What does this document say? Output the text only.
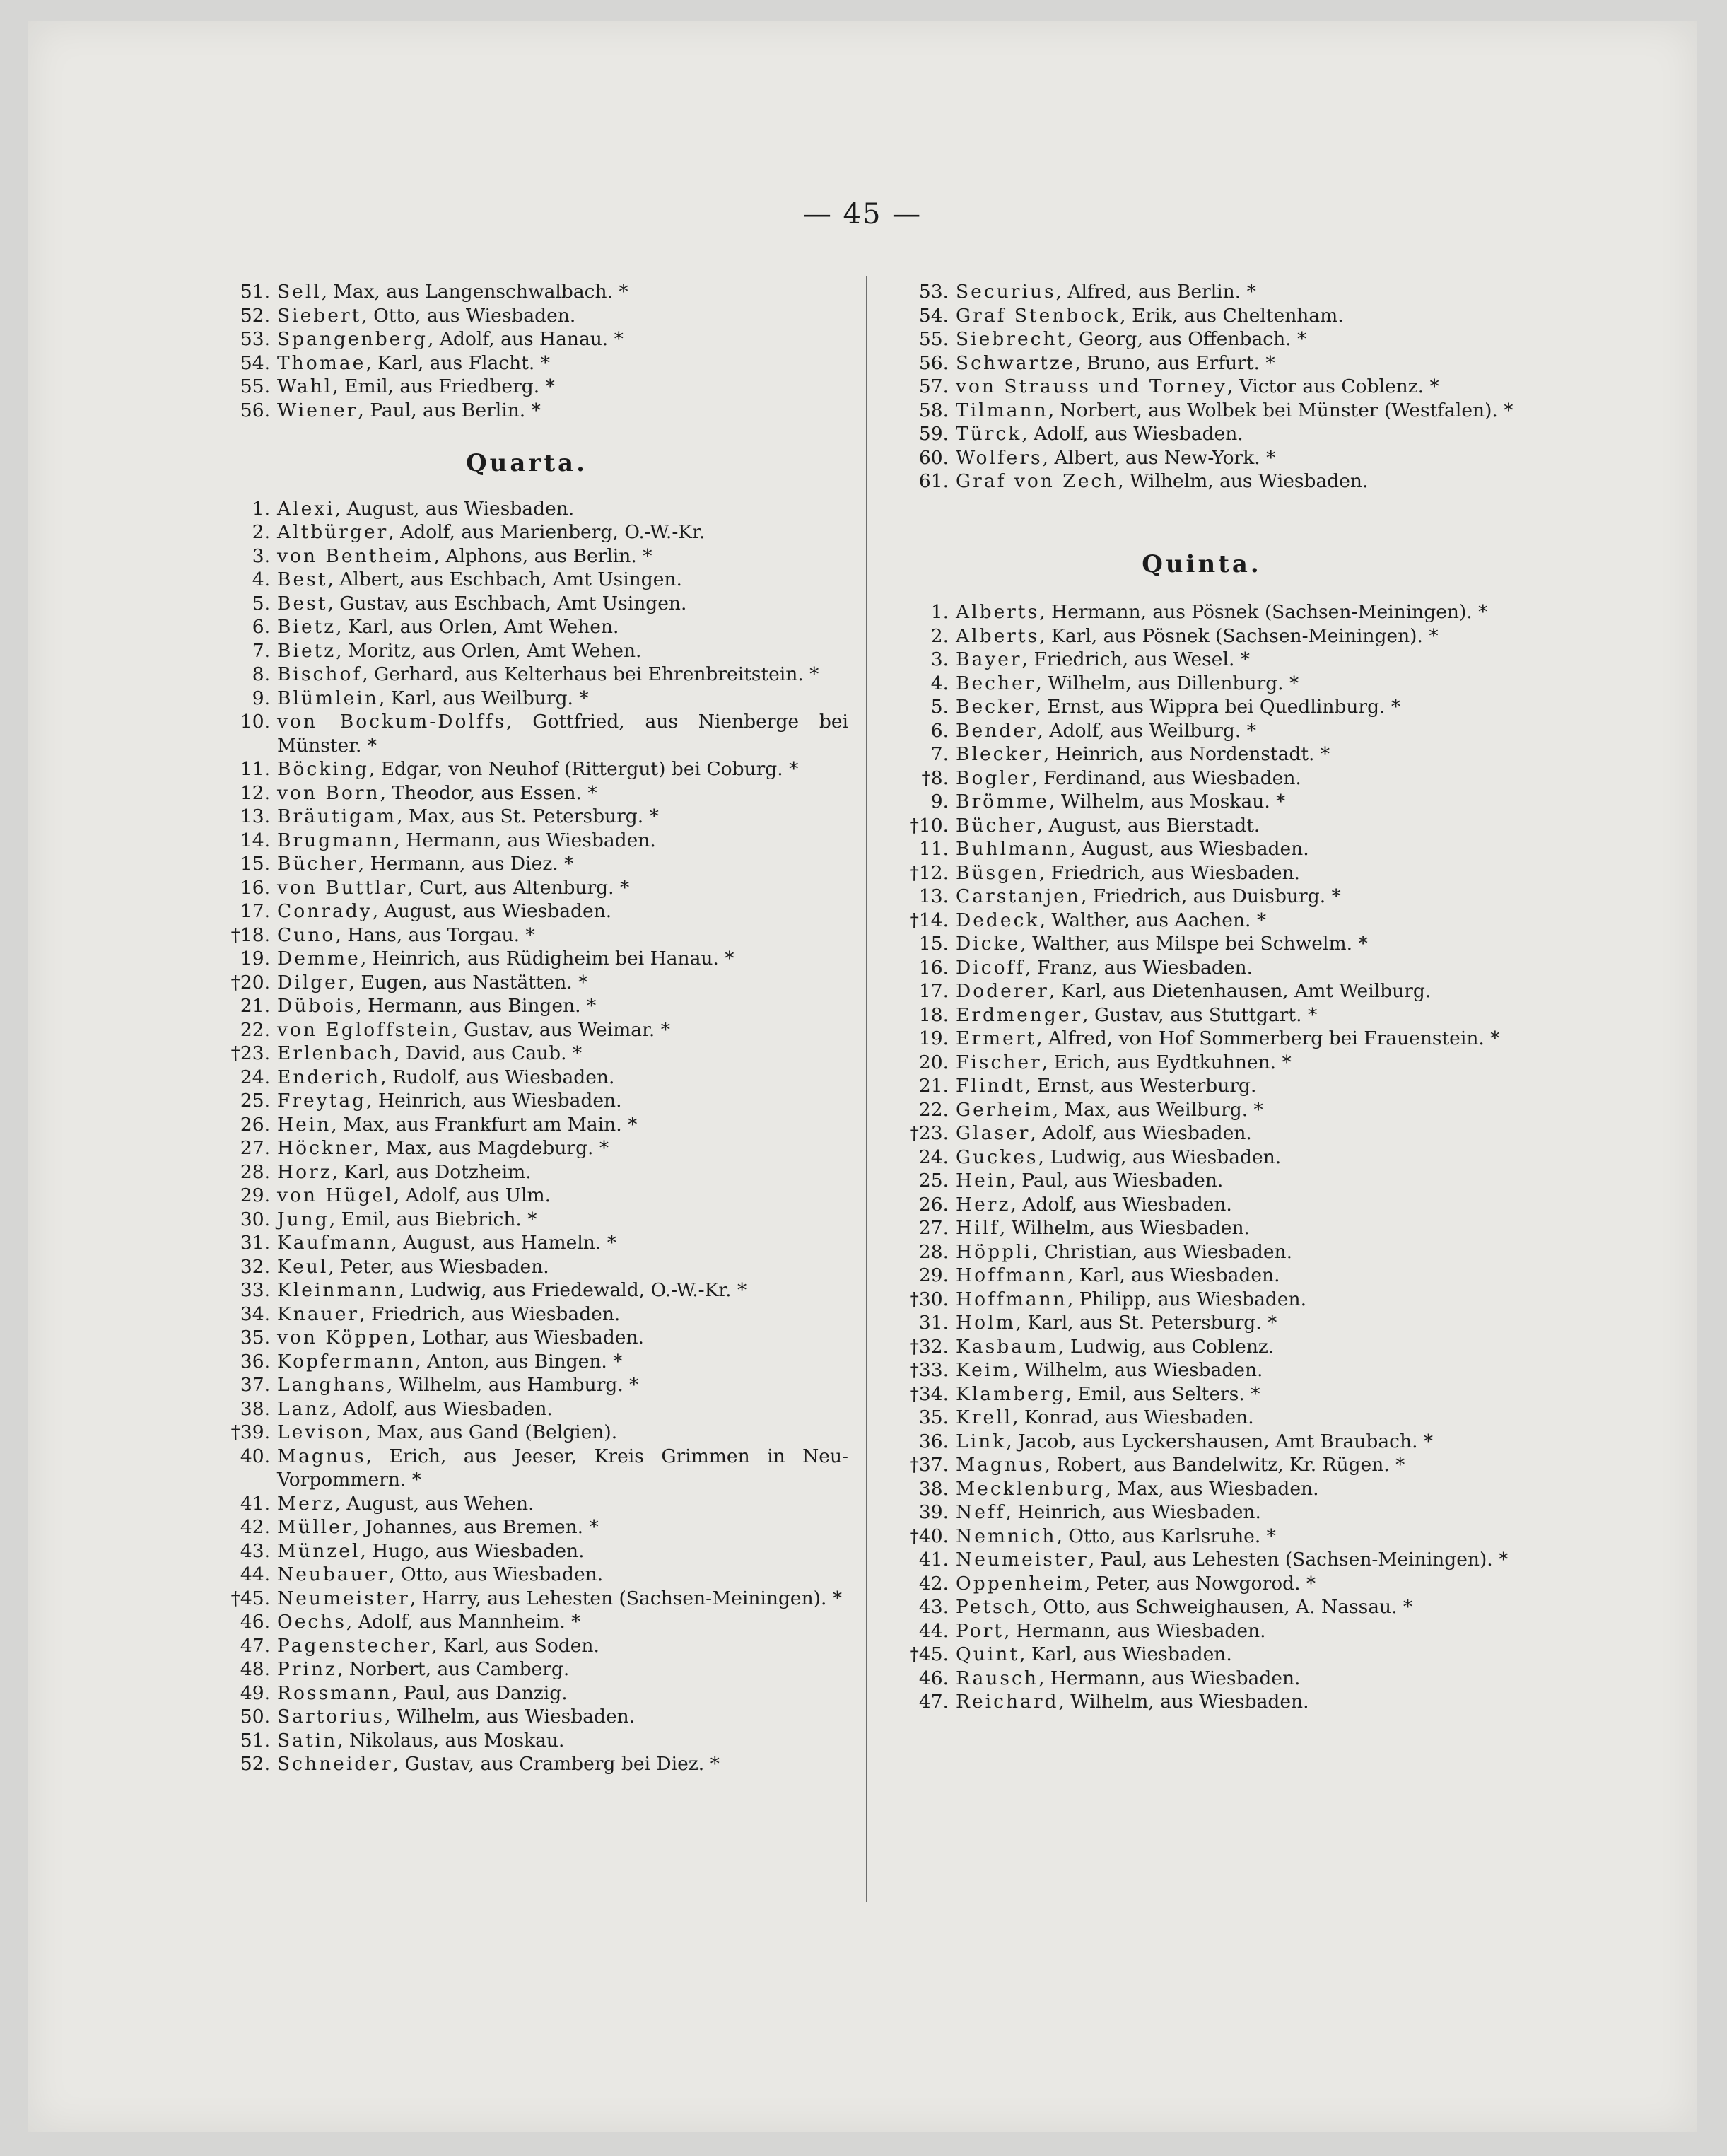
— 45 —
51. Sell, Max, aus Langenschwalbach. *
52. Siebert, Otto, aus Wiesbaden.
53. Spangenberg, Adolf, aus Hanau. *
54. Thomae, Karl, aus Flacht. *
55. Wahl, Emil, aus Friedberg. *
56. Wiener, Paul, aus Berlin. *
Quarta.
1. Alexi, August, aus Wiesbaden.
2. Altbürger, Adolf, aus Marienberg, O.-W.-Kr.
3. von Bentheim, Alphons, aus Berlin. *
4. Best, Albert, aus Eschbach, Amt Usingen.
5. Best, Gustav, aus Eschbach, Amt Usingen.
6. Bietz, Karl, aus Orlen, Amt Wehen.
7. Bietz, Moritz, aus Orlen, Amt Wehen.
8. Bischof, Gerhard, aus Kelterhaus bei Ehrenbreitstein. *
9. Blümlein, Karl, aus Weilburg. *
10. von Bockum-Dolffs, Gottfried, aus Nienberge bei Münster. *
11. Böcking, Edgar, von Neuhof (Rittergut) bei Coburg. *
12. von Born, Theodor, aus Essen. *
13. Bräutigam, Max, aus St. Petersburg. *
14. Brugmann, Hermann, aus Wiesbaden.
15. Bücher, Hermann, aus Diez. *
16. von Buttlar, Curt, aus Altenburg. *
17. Conrady, August, aus Wiesbaden.
†18. Cuno, Hans, aus Torgau. *
19. Demme, Heinrich, aus Rüdigheim bei Hanau. *
†20. Dilger, Eugen, aus Nastätten. *
21. Dübois, Hermann, aus Bingen. *
22. von Egloffstein, Gustav, aus Weimar. *
†23. Erlenbach, David, aus Caub. *
24. Enderich, Rudolf, aus Wiesbaden.
25. Freytag, Heinrich, aus Wiesbaden.
26. Hein, Max, aus Frankfurt am Main. *
27. Höckner, Max, aus Magdeburg. *
28. Horz, Karl, aus Dotzheim.
29. von Hügel, Adolf, aus Ulm.
30. Jung, Emil, aus Biebrich. *
31. Kaufmann, August, aus Hameln. *
32. Keul, Peter, aus Wiesbaden.
33. Kleinmann, Ludwig, aus Friedewald, O.-W.-Kr. *
34. Knauer, Friedrich, aus Wiesbaden.
35. von Köppen, Lothar, aus Wiesbaden.
36. Kopfermann, Anton, aus Bingen. *
37. Langhans, Wilhelm, aus Hamburg. *
38. Lanz, Adolf, aus Wiesbaden.
†39. Levison, Max, aus Gand (Belgien).
40. Magnus, Erich, aus Jeeser, Kreis Grimmen in Neu-Vorpommern. *
41. Merz, August, aus Wehen.
42. Müller, Johannes, aus Bremen. *
43. Münzel, Hugo, aus Wiesbaden.
44. Neubauer, Otto, aus Wiesbaden.
†45. Neumeister, Harry, aus Lehesten (Sachsen-Meiningen). *
46. Oechs, Adolf, aus Mannheim. *
47. Pagenstecher, Karl, aus Soden.
48. Prinz, Norbert, aus Camberg.
49. Rossmann, Paul, aus Danzig.
50. Sartorius, Wilhelm, aus Wiesbaden.
51. Satin, Nikolaus, aus Moskau.
52. Schneider, Gustav, aus Cramberg bei Diez. *
53. Securius, Alfred, aus Berlin. *
54. Graf Stenbock, Erik, aus Cheltenham.
55. Siebrecht, Georg, aus Offenbach. *
56. Schwartze, Bruno, aus Erfurt. *
57. von Strauss und Torney, Victor aus Coblenz. *
58. Tilmann, Norbert, aus Wolbek bei Münster (Westfalen). *
59. Türck, Adolf, aus Wiesbaden.
60. Wolfers, Albert, aus New-York. *
61. Graf von Zech, Wilhelm, aus Wiesbaden.
Quinta.
1. Alberts, Hermann, aus Pösnek (Sachsen-Meiningen). *
2. Alberts, Karl, aus Pösnek (Sachsen-Meiningen). *
3. Bayer, Friedrich, aus Wesel. *
4. Becher, Wilhelm, aus Dillenburg. *
5. Becker, Ernst, aus Wippra bei Quedlinburg. *
6. Bender, Adolf, aus Weilburg. *
7. Blecker, Heinrich, aus Nordenstadt. *
†8. Bogler, Ferdinand, aus Wiesbaden.
9. Brömme, Wilhelm, aus Moskau. *
†10. Bücher, August, aus Bierstadt.
11. Buhlmann, August, aus Wiesbaden.
†12. Büsgen, Friedrich, aus Wiesbaden.
13. Carstanjen, Friedrich, aus Duisburg. *
†14. Dedeck, Walther, aus Aachen. *
15. Dicke, Walther, aus Milspe bei Schwelm. *
16. Dicoff, Franz, aus Wiesbaden.
17. Doderer, Karl, aus Dietenhausen, Amt Weilburg.
18. Erdmenger, Gustav, aus Stuttgart. *
19. Ermert, Alfred, von Hof Sommerberg bei Frauenstein. *
20. Fischer, Erich, aus Eydtkuhnen. *
21. Flindt, Ernst, aus Westerburg.
22. Gerheim, Max, aus Weilburg. *
†23. Glaser, Adolf, aus Wiesbaden.
24. Guckes, Ludwig, aus Wiesbaden.
25. Hein, Paul, aus Wiesbaden.
26. Herz, Adolf, aus Wiesbaden.
27. Hilf, Wilhelm, aus Wiesbaden.
28. Höppli, Christian, aus Wiesbaden.
29. Hoffmann, Karl, aus Wiesbaden.
†30. Hoffmann, Philipp, aus Wiesbaden.
31. Holm, Karl, aus St. Petersburg. *
†32. Kasbaum, Ludwig, aus Coblenz.
†33. Keim, Wilhelm, aus Wiesbaden.
†34. Klamberg, Emil, aus Selters. *
35. Krell, Konrad, aus Wiesbaden.
36. Link, Jacob, aus Lyckershausen, Amt Braubach. *
†37. Magnus, Robert, aus Bandelwitz, Kr. Rügen. *
38. Mecklenburg, Max, aus Wiesbaden.
39. Neff, Heinrich, aus Wiesbaden.
†40. Nemnich, Otto, aus Karlsruhe. *
41. Neumeister, Paul, aus Lehesten (Sachsen-Meiningen). *
42. Oppenheim, Peter, aus Nowgorod. *
43. Petsch, Otto, aus Schweighausen, A. Nassau. *
44. Port, Hermann, aus Wiesbaden.
†45. Quint, Karl, aus Wiesbaden.
46. Rausch, Hermann, aus Wiesbaden.
47. Reichard, Wilhelm, aus Wiesbaden.
